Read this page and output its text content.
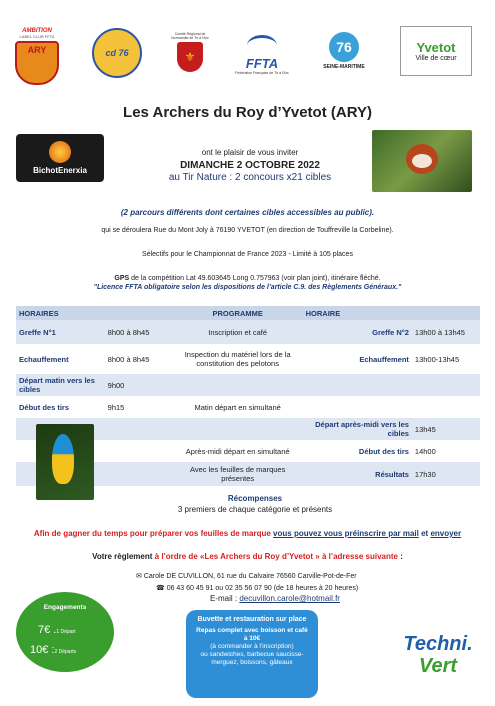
AMBITION
LABEL CLUB FFTA
ARY	cd 76
Comité Régional de Normandie de Tir à l'Arc
⚜	FFTA
Fédération Française de Tir à l'Arc
76
SEINE-MARITIME
Yvetot
Ville de cœur
Les Archers du Roy d’Yvetot (ARY)
BichotEnerxia
ont le plaisir de vous inviter
DIMANCHE 2 OCTOBRE 2022
au Tir Nature : 2 concours x21 cibles
(2 parcours différents dont certaines cibles accessibles au public).
qui se déroulera Rue du Mont Joly à 76190 YVETOT (en direction de Touffreville la Corbeline).
Sélectifs pour le Championnat de France 2023 - Limité à 105 places
GPS de la compétition Lat 49.603645 Long 0.757963 (voir plan joint), itinéraire fléché.
"Licence FFTA obligatoire selon les dispositions de l’article C.9. des Règlements Généraux."
HORAIRES		PROGRAMME	HORAIRE	
Greffe N°1	8h00 à 8h45	Inscription et café	Greffe N°2	13h00 à 13h45
Echauffement	8h00 à 8h45	Inspection du matériel lors de la constitution des pelotons	Echauffement	13h00-13h45
Départ matin vers les cibles	9h00			
Début des tirs	9h15	Matin départ en simultané		
			Départ après-midi vers les cibles	13h45
		Après-midi départ en simultané	Début des tirs	14h00
		Avec les feuilles de marques présentes	Résultats	17h30
Récompenses
3 premiers de chaque catégorie et présents
Afin de gagner du temps pour préparer vos feuilles de marque vous pouvez vous préinscrire par mail et envoyer
Votre règlement à l’ordre de «Les Archers du Roy d’Yvetot » à l’adresse suivante :
✉ Carole DE CUVILLON, 61 rue du Calvaire 76560 Carville-Pot-de-Fer
☎ 06 43 60 45 91 ou 02 35 56 07 90 (de 18 heures à 20 heures)
E-mail : decuvillon.carole@hotmail.fr
Engagements
7€ .1 Départ
10€ :2 Départs
Buvette et restauration sur place
Repas complet avec boisson et café
à 10€
(à commander à l’inscription)
ou sandwiches, barbecue saucisse-merguez, boissons, gâteaux
Techni.
Vert
